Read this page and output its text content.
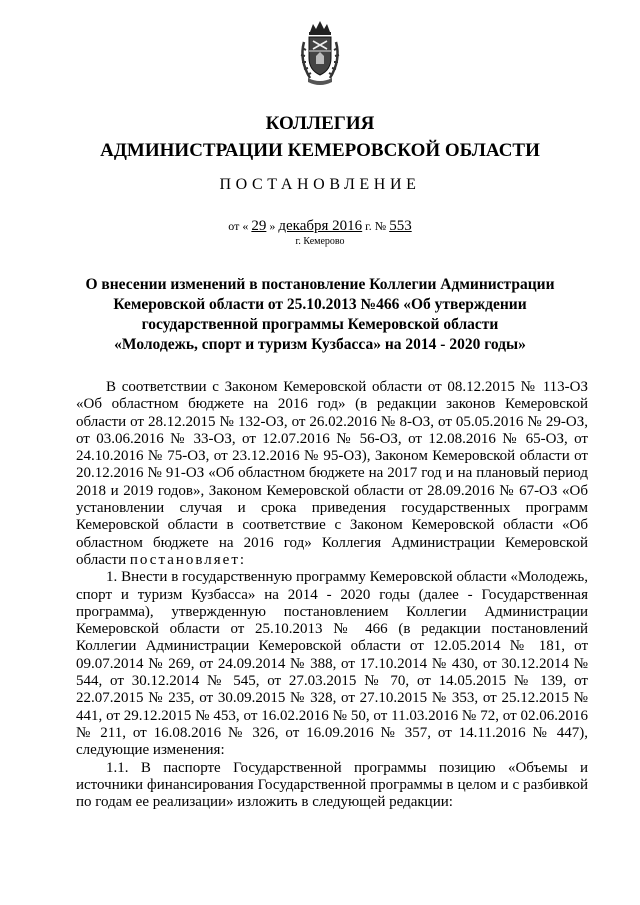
КОЛЛЕГИЯ
АДМИНИСТРАЦИИ КЕМЕРОВСКОЙ ОБЛАСТИ
ПОСТАНОВЛЕНИЕ
от « 29 » декабря 2016 г. № 553
г. Кемерово
О внесении изменений в постановление Коллегии Администрации
Кемеровской области от 25.10.2013 №466 «Об утверждении
государственной программы Кемеровской области
«Молодежь, спорт и туризм Кузбасса» на 2014 - 2020 годы»

В соответствии с Законом Кемеровской области от 08.12.2015 № 113-ОЗ «Об областном бюджете на 2016 год» (в редакции законов Кемеровской области от 28.12.2015 № 132-ОЗ, от 26.02.2016 № 8-ОЗ, от 05.05.2016 № 29-ОЗ, от 03.06.2016 № 33-ОЗ, от 12.07.2016 № 56-ОЗ, от 12.08.2016 № 65-ОЗ, от 24.10.2016 № 75-ОЗ, от 23.12.2016 № 95-ОЗ), Законом Кемеровской области от 20.12.2016 № 91-ОЗ «Об областном бюджете на 2017 год и на плановый период 2018 и 2019 годов», Законом Кемеровской области от 28.09.2016 № 67-ОЗ «Об установлении случая и срока приведения государственных программ Кемеровской области в соответствие с Законом Кемеровской области «Об областном бюджете на 2016 год» Коллегия Администрации Кемеровской области постановляет:

1. Внести в государственную программу Кемеровской области «Молодежь, спорт и туризм Кузбасса» на 2014 - 2020 годы (далее - Государственная программа), утвержденную постановлением Коллегии Администрации Кемеровской области от 25.10.2013 № 466 (в редакции постановлений Коллегии Администрации Кемеровской области от 12.05.2014 № 181, от 09.07.2014 № 269, от 24.09.2014 № 388, от 17.10.2014 № 430, от 30.12.2014 № 544, от 30.12.2014 № 545, от 27.03.2015 № 70, от 14.05.2015 № 139, от 22.07.2015 № 235, от 30.09.2015 № 328, от 27.10.2015 № 353, от 25.12.2015 № 441, от 29.12.2015 № 453, от 16.02.2016 № 50, от 11.03.2016 № 72, от 02.06.2016 № 211, от 16.08.2016 № 326, от 16.09.2016 № 357, от 14.11.2016 № 447), следующие изменения:

1.1. В паспорте Государственной программы позицию «Объемы и источники финансирования Государственной программы в целом и с разбивкой по годам ее реализации» изложить в следующей редакции:
